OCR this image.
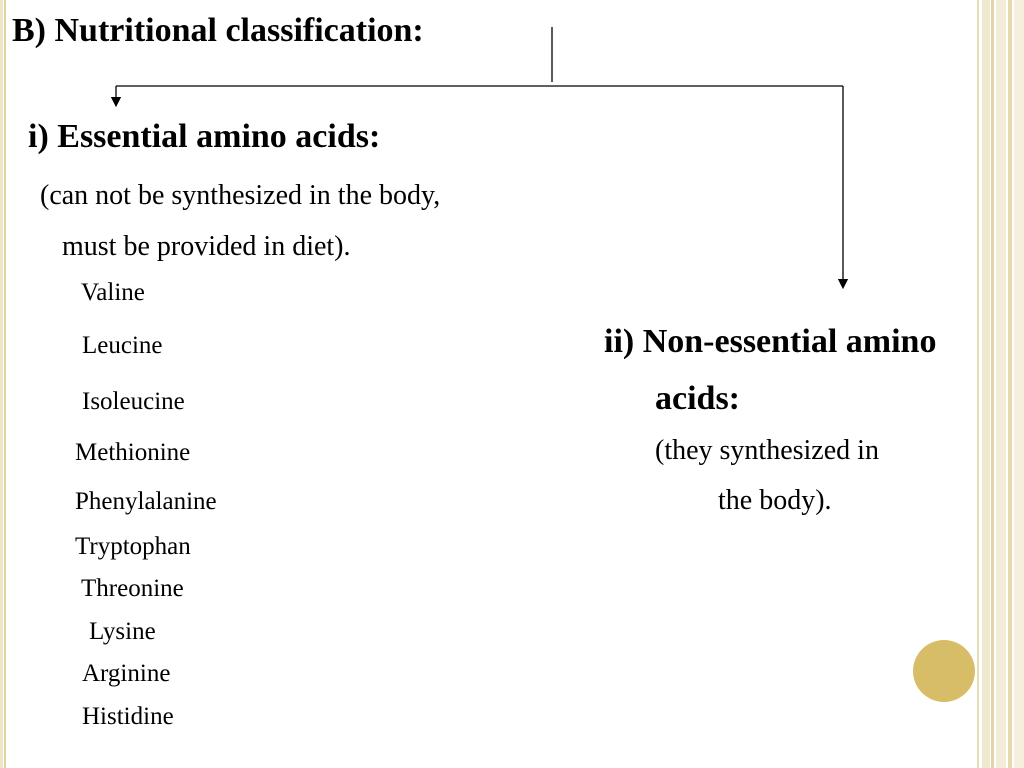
B) Nutritional classification:
i) Essential amino acids:
(can not be synthesized in the body,
must be provided in diet).
Valine
Leucine
Isoleucine
Methionine
Phenylalanine
Tryptophan
Threonine
Lysine
Arginine
Histidine
ii) Non-essential amino
acids:
(they synthesized in
the body).
